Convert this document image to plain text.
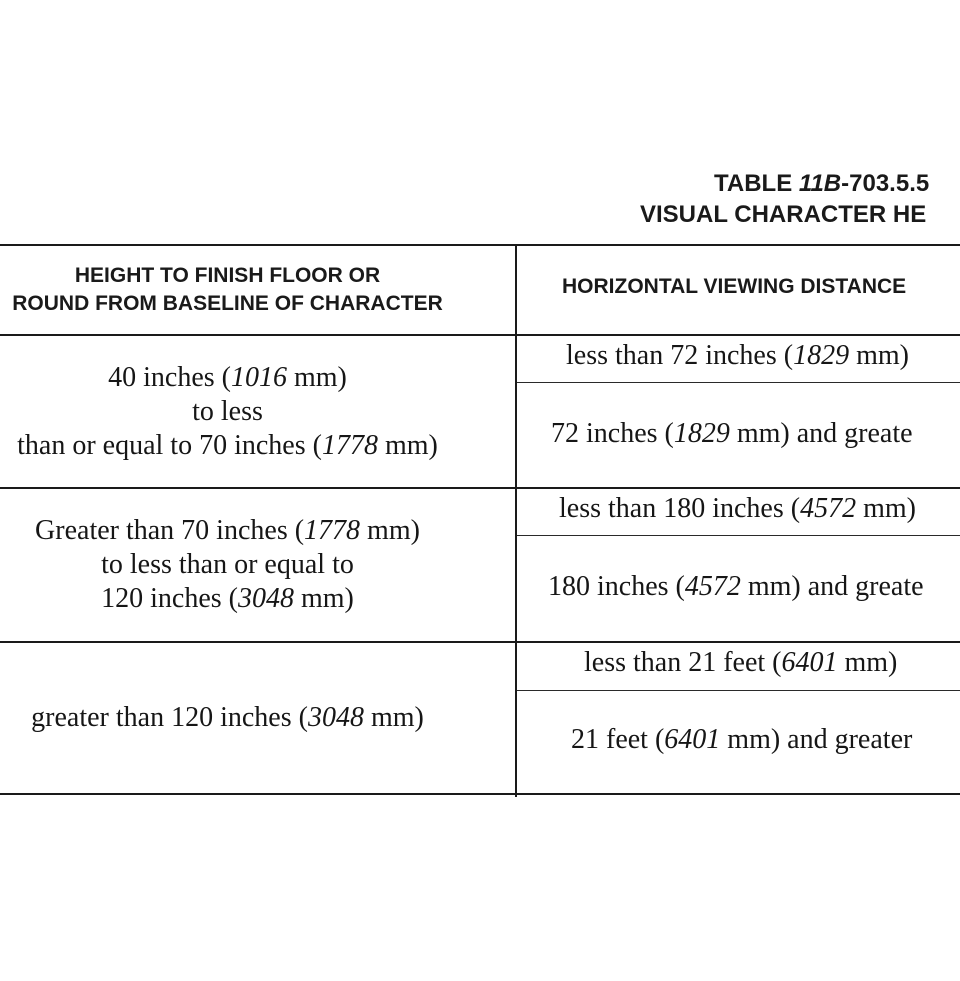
TABLE 11B-703.5.5
VISUAL CHARACTER HE
HEIGHT TO FINISH FLOOR OR
ROUND FROM BASELINE OF CHARACTER
HORIZONTAL VIEWING DISTANCE
40 inches (1016 mm)
to less
than or equal to 70 inches (1778 mm)
less than 72 inches (1829 mm)
72 inches (1829 mm) and greate
Greater than 70 inches (1778 mm)
to less than or equal to
120 inches (3048 mm)
less than 180 inches (4572 mm)
180 inches (4572 mm) and greate
greater than 120 inches (3048 mm)
less than 21 feet (6401 mm)
21 feet (6401 mm) and greater
